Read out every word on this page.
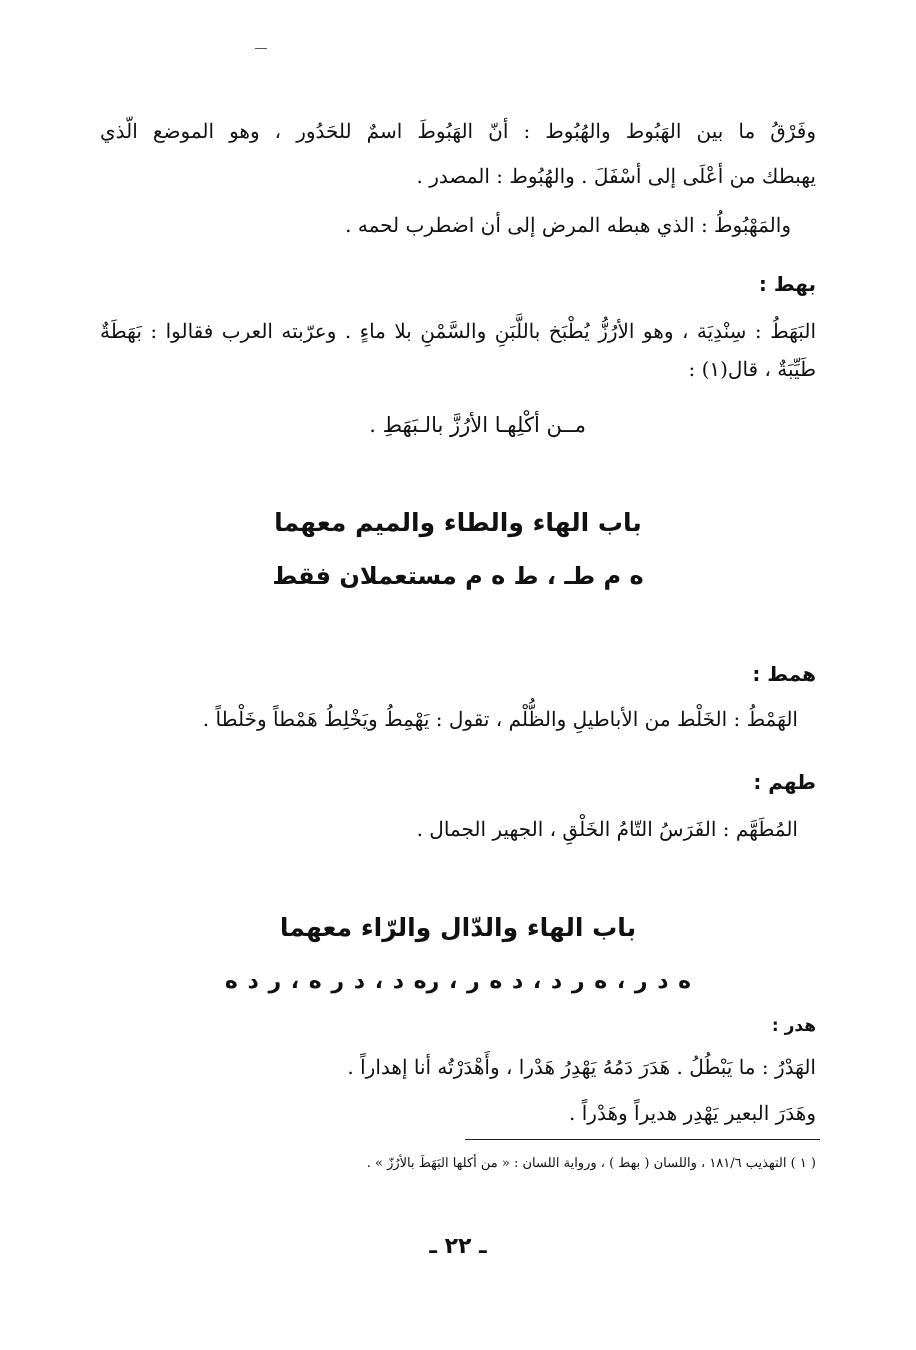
وفَرْقُ ما بين الهَبُوط والهُبُوط : أنّ الهَبُوطَ اسمٌ للحَدُور ، وهو الموضع الّذي
يهبطك من أعْلَى إلى أسْفَلَ . والهُبُوط : المصدر .
والمَهْبُوطُ : الذي هبطه المرض إلى أن اضطرب لحمه .
بهط :
البَهَطُ : سِنْدِيَة ، وهو الأرُزُّ يُطْبَخ باللَّبَنِ والسَّمْنِ بلا ماءٍ . وعرّبته العرب فقالوا : بَهَطَةٌ طَيِّبَةٌ ، قال(١) :
مــن أكْلِهـا الأرُزَّ بالـبَهَطِ .
باب الهاء والطاء والميم معهما
ه م طـ ، ط ه م مستعملان فقط
همط :
الهَمْطُ : الخَلْط من الأباطيلِ والظُّلْم ، تقول : يَهْمِطُ ويَخْلِطُ هَمْطاً وخَلْطاً .
طهم :
المُطَهَّم : الفَرَسُ التّامُ الخَلْقِ ، الجهير الجمال .
باب الهاء والدّال والرّاء معهما
ه د ر ، ه ر د ، د ه ر ، ره د ، د ر ه ، ر د ه
هدر :
الهَدْرُ : ما يَبْطُلُ . هَدَرَ دَمُهُ يَهْدِرُ هَدْرا ، وأَهْدَرْتُه أنا إهداراً .
وهَدَرَ البعير يَهْدِر هديراً وهَدْراً .
( ١ ) التهذيب ١٨١/٦ ، واللسان ( بهط ) ، ورواية اللسان : « من أكلها البَهَطَ بالأرُزّ » .
ـ ٢٢ ـ
